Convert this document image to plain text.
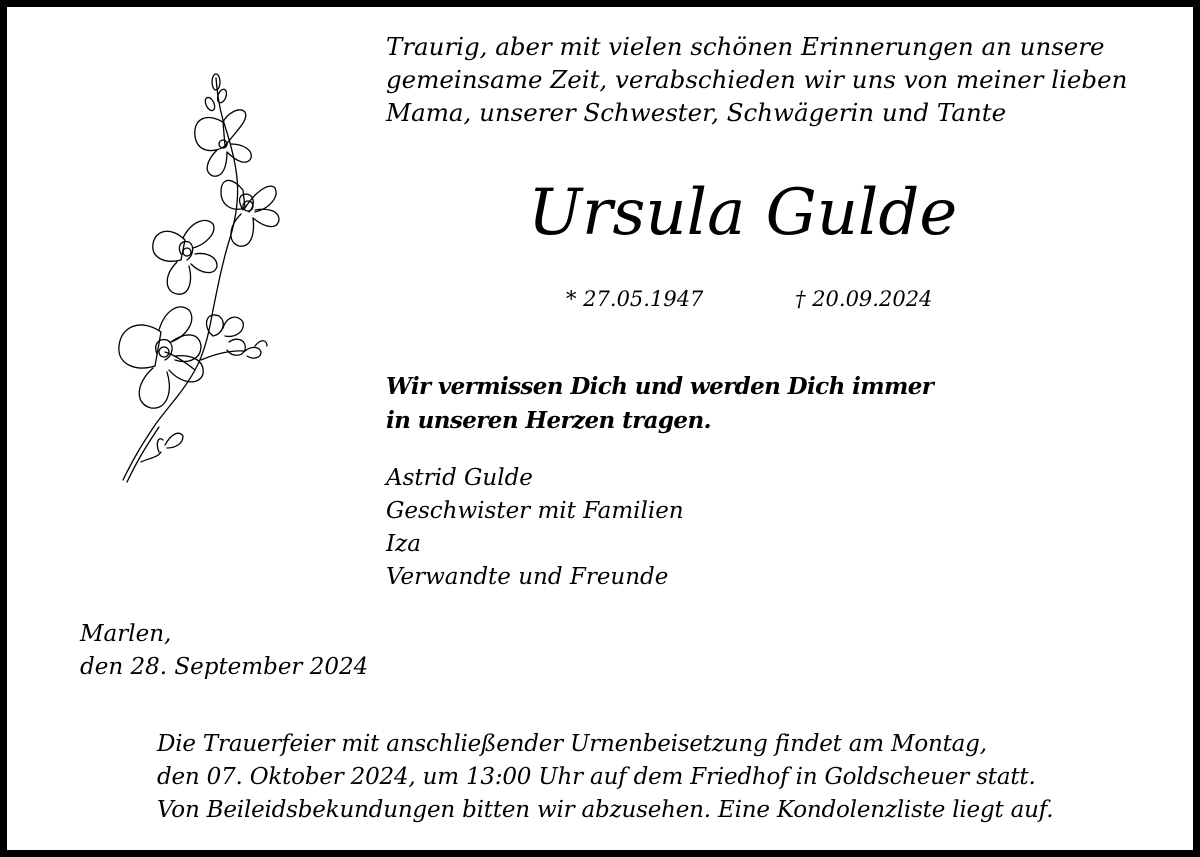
Traurig, aber mit vielen schönen Erinnerungen an unsere
gemeinsame Zeit, verabschieden wir uns von meiner lieben
Mama, unserer Schwester, Schwägerin und Tante
Ursula Gulde
* 27.05.1947	† 20.09.2024
Wir vermissen Dich und werden Dich immer
in unseren Herzen tragen.
Astrid Gulde
Geschwister mit Familien
Iza
Verwandte und Freunde
Marlen,
den 28. September 2024
Die Trauerfeier mit anschließender Urnenbeisetzung findet am Montag,
den 07. Oktober 2024, um 13:00 Uhr auf dem Friedhof in Goldscheuer statt.
Von Beileidsbekundungen bitten wir abzusehen. Eine Kondolenzliste liegt auf.
